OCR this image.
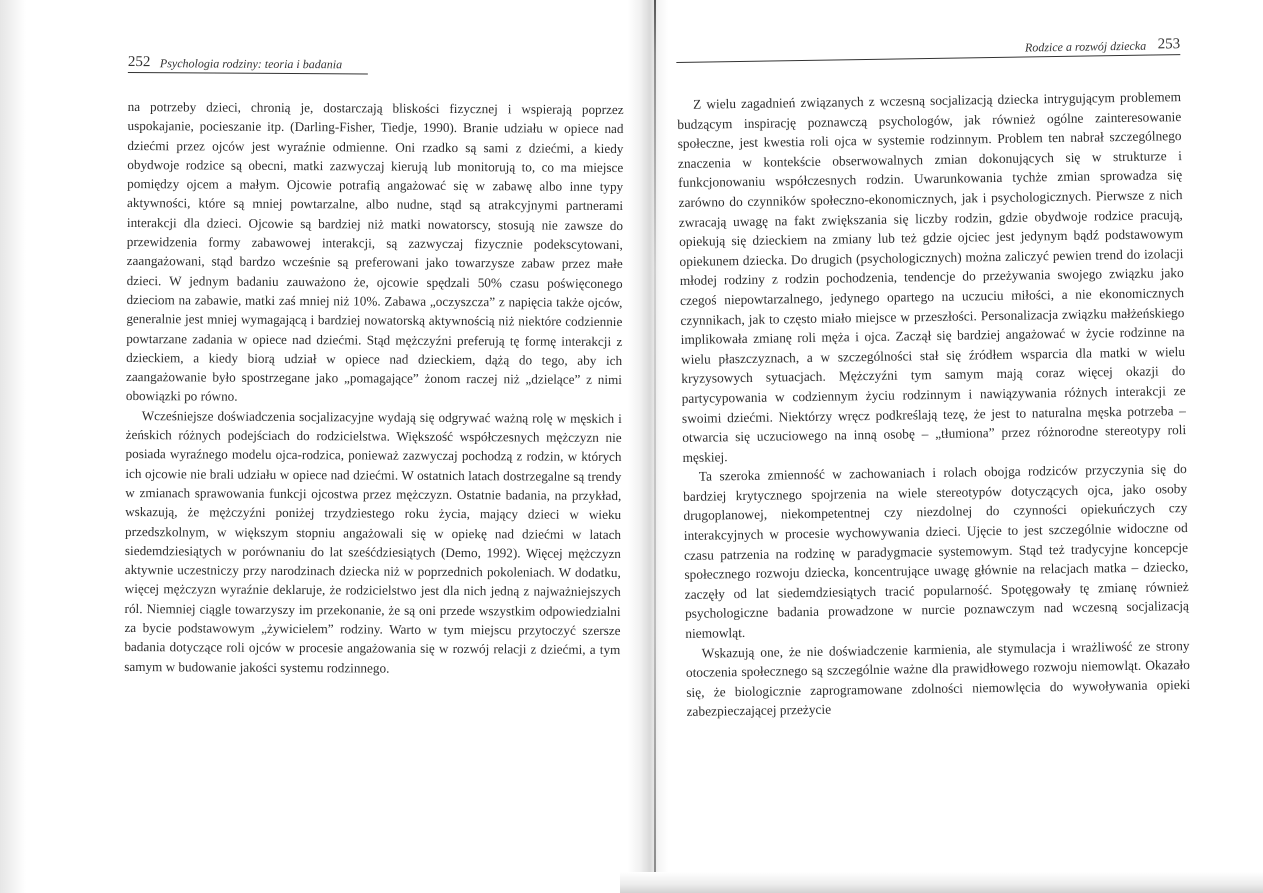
252 Psychologia rodziny: teoria i badania

na potrzeby dzieci, chronią je, dostarczają bliskości fizycznej i wspierają poprzez uspokajanie, pocieszanie itp. (Darling-Fisher, Tiedje, 1990). Branie udziału w opiece nad dziećmi przez ojców jest wyraźnie odmienne. Oni rzadko są sami z dziećmi, a kiedy obydwoje rodzice są obecni, matki zazwyczaj kierują lub monitorują to, co ma miejsce pomiędzy ojcem a małym. Ojcowie potrafią angażować się w zabawę albo inne typy aktywności, które są mniej powtarzalne, albo nudne, stąd są atrakcyjnymi partnerami interakcji dla dzieci. Ojcowie są bardziej niż matki nowatorscy, stosują nie zawsze do przewidzenia formy zabawowej interakcji, są zazwyczaj fizycznie podekscytowani, zaangażowani, stąd bardzo wcześnie są preferowani jako towarzysze zabaw przez małe dzieci. W jednym badaniu zauważono że, ojcowie spędzali 50% czasu poświęconego dzieciom na zabawie, matki zaś mniej niż 10%. Zabawa „oczyszcza” z napięcia także ojców, generalnie jest mniej wymagającą i bardziej nowatorską aktywnością niż niektóre codziennie powtarzane zadania w opiece nad dziećmi. Stąd mężczyźni preferują tę formę interakcji z dzieckiem, a kiedy biorą udział w opiece nad dzieckiem, dążą do tego, aby ich zaangażowanie było spostrzegane jako „pomagające” żonom raczej niż „dzielące” z nimi obowiązki po równo.

Wcześniejsze doświadczenia socjalizacyjne wydają się odgrywać ważną rolę w męskich i żeńskich różnych podejściach do rodzicielstwa. Większość współczesnych mężczyzn nie posiada wyraźnego modelu ojca-rodzica, ponieważ zazwyczaj pochodzą z rodzin, w których ich ojcowie nie brali udziału w opiece nad dziećmi. W ostatnich latach dostrzegalne są trendy w zmianach sprawowania funkcji ojcostwa przez mężczyzn. Ostatnie badania, na przykład, wskazują, że mężczyźni poniżej trzydziestego roku życia, mający dzieci w wieku przedszkolnym, w większym stopniu angażowali się w opiekę nad dziećmi w latach siedemdziesiątych w porównaniu do lat sześćdziesiątych (Demo, 1992). Więcej mężczyzn aktywnie uczestniczy przy narodzinach dziecka niż w poprzednich pokoleniach. W dodatku, więcej mężczyzn wyraźnie deklaruje, że rodzicielstwo jest dla nich jedną z najważniejszych ról. Niemniej ciągle towarzyszy im przekonanie, że są oni przede wszystkim odpowiedzialni za bycie podstawowym „żywicielem” rodziny. Warto w tym miejscu przytoczyć szersze badania dotyczące roli ojców w procesie angażowania się w rozwój relacji z dziećmi, a tym samym w budowanie jakości systemu rodzinnego.

Rodzice a rozwój dziecka 253

Z wielu zagadnień związanych z wczesną socjalizacją dziecka intrygującym problemem budzącym inspirację poznawczą psychologów, jak również ogólne zainteresowanie społeczne, jest kwestia roli ojca w systemie rodzinnym. Problem ten nabrał szczególnego znaczenia w kontekście obserwowalnych zmian dokonujących się w strukturze i funkcjonowaniu współczesnych rodzin. Uwarunkowania tychże zmian sprowadza się zarówno do czynników społeczno-ekonomicznych, jak i psychologicznych. Pierwsze z nich zwracają uwagę na fakt zwiększania się liczby rodzin, gdzie obydwoje rodzice pracują, opiekują się dzieckiem na zmiany lub też gdzie ojciec jest jedynym bądź podstawowym opiekunem dziecka. Do drugich (psychologicznych) można zaliczyć pewien trend do izolacji młodej rodziny z rodzin pochodzenia, tendencje do przeżywania swojego związku jako czegoś niepowtarzalnego, jedynego opartego na uczuciu miłości, a nie ekonomicznych czynnikach, jak to często miało miejsce w przeszłości. Personalizacja związku małżeńskiego implikowała zmianę roli męża i ojca. Zaczął się bardziej angażować w życie rodzinne na wielu płaszczyznach, a w szczególności stał się źródłem wsparcia dla matki w wielu kryzysowych sytuacjach. Mężczyźni tym samym mają coraz więcej okazji do partycypowania w codziennym życiu rodzinnym i nawiązywania różnych interakcji ze swoimi dziećmi. Niektórzy wręcz podkreślają tezę, że jest to naturalna męska potrzeba – otwarcia się uczuciowego na inną osobę – „tłumiona” przez różnorodne stereotypy roli męskiej.

Ta szeroka zmienność w zachowaniach i rolach obojga rodziców przyczynia się do bardziej krytycznego spojrzenia na wiele stereotypów dotyczących ojca, jako osoby drugoplanowej, niekompetentnej czy niezdolnej do czynności opiekuńczych czy interakcyjnych w procesie wychowywania dzieci. Ujęcie to jest szczególnie widoczne od czasu patrzenia na rodzinę w paradygmacie systemowym. Stąd też tradycyjne koncepcje społecznego rozwoju dziecka, koncentrujące uwagę głównie na relacjach matka – dziecko, zaczęły od lat siedemdziesiątych tracić popularność. Spotęgowały tę zmianę również psychologiczne badania prowadzone w nurcie poznawczym nad wczesną socjalizacją niemowląt.

Wskazują one, że nie doświadczenie karmienia, ale stymulacja i wrażliwość ze strony otoczenia społecznego są szczególnie ważne dla prawidłowego rozwoju niemowląt. Okazało się, że biologicznie zaprogramowane zdolności niemowlęcia do wywoływania opieki zabezpieczającej przeżycie
